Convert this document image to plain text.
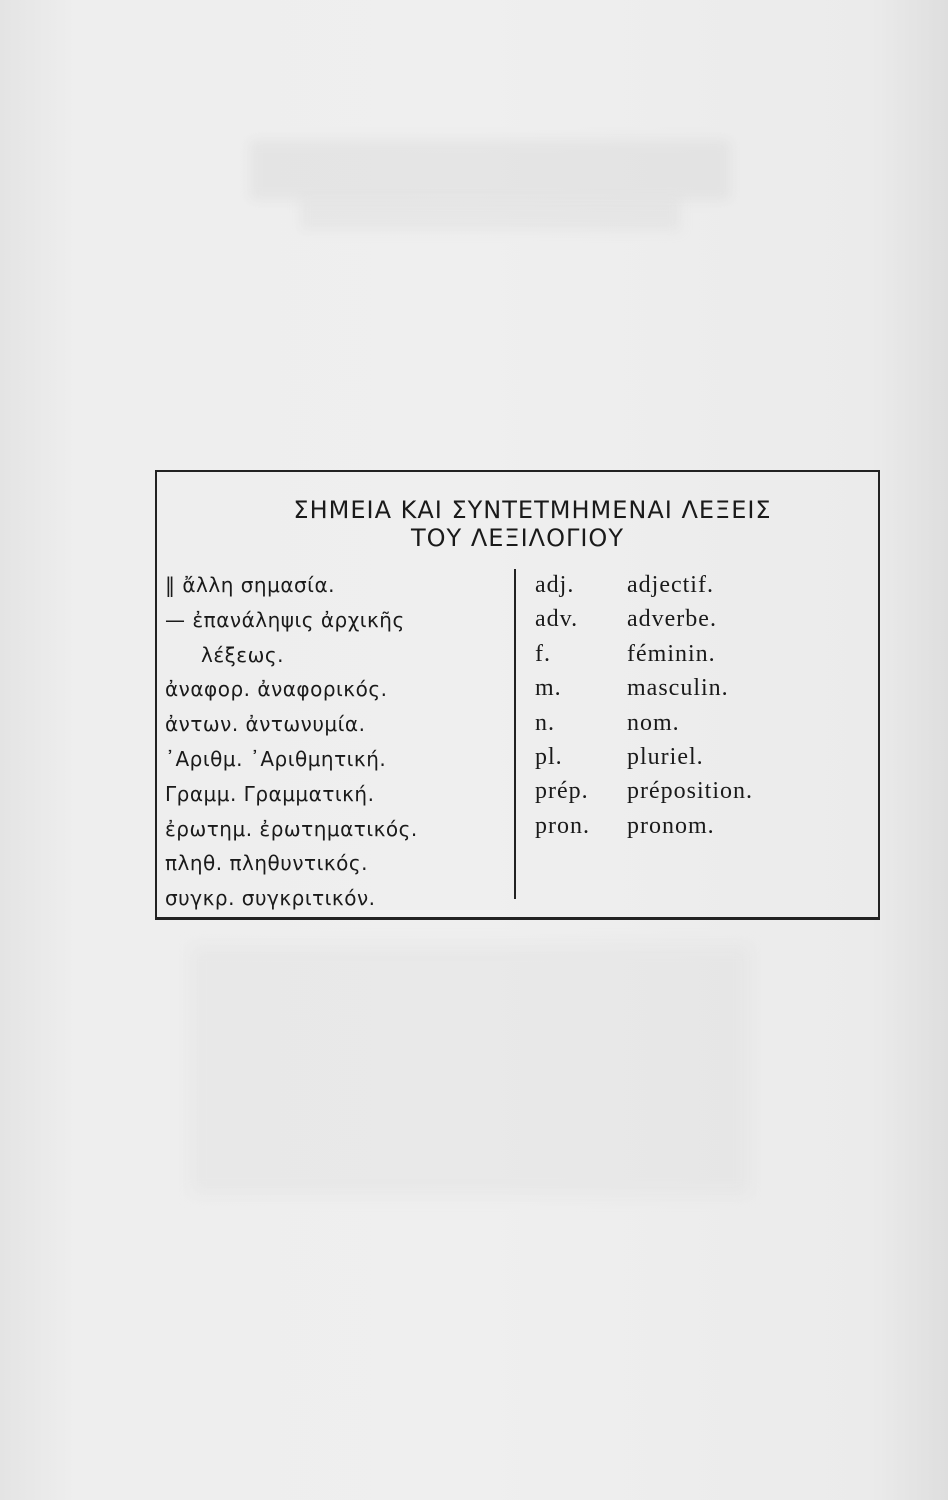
ΣΗΜΕΙΑ ΚΑΙ ΣΥΝΤΕΤΜΗΜΕΝΑΙ ΛΕΞΕΙΣ
ΤΟΥ ΛΕΞΙΛΟΓΙΟΥ
‖ ἄλλη σημασία.
— ἐπανάληψις ἀρχικῆς
λέξεως.
ἀναφορ. ἀναφορικός.
ἀντων. ἀντωνυμία.
᾿Αριθμ. ᾿Αριθμητική.
Γραμμ. Γραμματική.
ἐρωτημ. ἐρωτηματικός.
πληθ. πληθυντικός.
συγκρ. συγκριτικόν.
adj.
adv.
f.
m.
n.
pl.
prép.
pron.
adjectif.
adverbe.
féminin.
masculin.
nom.
pluriel.
préposition.
pronom.
